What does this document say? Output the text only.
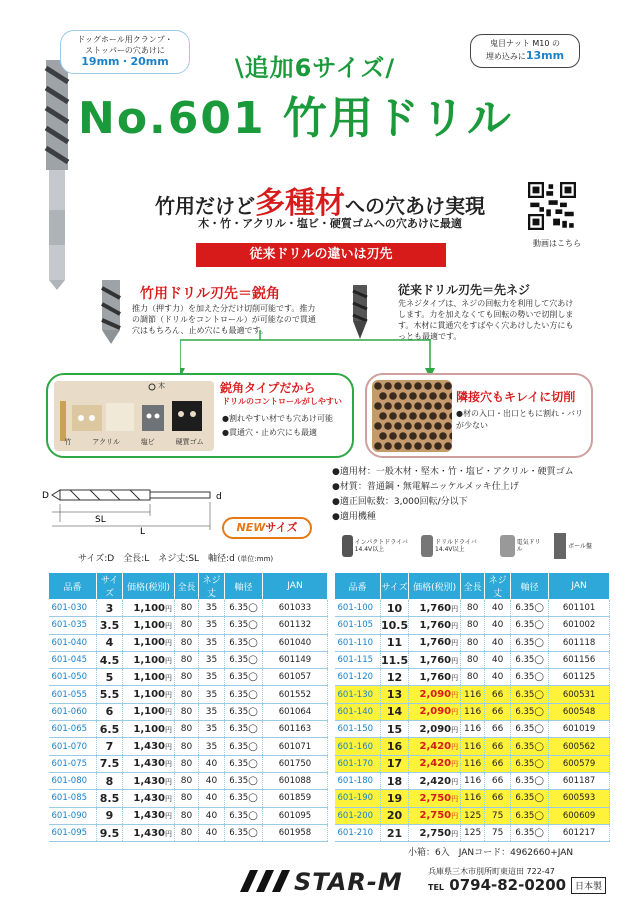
ドッグホール用クランプ・
ストッパーの穴あけに
19mm・20mm
鬼目ナット M10 の
埋め込みに13mm
\追加6サイズ/
No.601 竹用ドリル
竹用だけど多種材への穴あけ実現
木・竹・アクリル・塩ビ・硬質ゴムへの穴あけに最適
従来ドリルの違いは刃先
動画はこちら
竹用ドリル刃先＝鋭角
推力（押す力）を加えた分だけ切削可能です。推力の調節（ドリルをコントロール）が可能なので貫通穴はもちろん、止め穴にも最適です。
従来ドリル刃先＝先ネジ
先ネジタイプは、ネジの回転力を利用して穴あけします。力を加えなくても回転の勢いで切削します。木材に貫通穴をすばやく穴あけしたい方にもっとも最適です。
竹	アクリル	塩ビ	硬質ゴム
木	鋭角タイプだから
ドリルのコントロールがしやすい
●割れやすい材でも穴あけ可能
●貫通穴・止め穴にも最適
隣接穴もキレイに切削
●材の入口・出口ともに割れ・バリが少ない
●適用材：一般木材・堅木・竹・塩ビ・アクリル・硬質ゴム
●材質：普通鋼・無電解ニッケルメッキ仕上げ
●適正回転数：3,000回転/分以下
●適用機種
インパクトドライバ 14.4V以上
ドリルドライバ 14.4V以上
電気ドリル	ボール盤
D	d
SL
L	NEWサイズ
サイズ:D　全長:L　ネジ丈:SL　軸径:d (単位:mm)
品番	サイズ	価格(税別)	全長	ネジ丈	軸径	JAN
601-030	3	1,100円	80	35	6.35◯	601033
601-035	3.5	1,100円	80	35	6.35◯	601132
601-040	4	1,100円	80	35	6.35◯	601040
601-045	4.5	1,100円	80	35	6.35◯	601149
601-050	5	1,100円	80	35	6.35◯	601057
601-055	5.5	1,100円	80	35	6.35◯	601552
601-060	6	1,100円	80	35	6.35◯	601064
601-065	6.5	1,100円	80	35	6.35◯	601163
601-070	7	1,430円	80	35	6.35◯	601071
601-075	7.5	1,430円	80	40	6.35◯	601750
601-080	8	1,430円	80	40	6.35◯	601088
601-085	8.5	1,430円	80	40	6.35◯	601859
601-090	9	1,430円	80	40	6.35◯	601095
601-095	9.5	1,430円	80	40	6.35◯	601958
品番	サイズ	価格(税別)	全長	ネジ丈	軸径	JAN
601-100	10	1,760円	80	40	6.35◯	601101
601-105	10.5	1,760円	80	40	6.35◯	601002
601-110	11	1,760円	80	40	6.35◯	601118
601-115	11.5	1,760円	80	40	6.35◯	601156
601-120	12	1,760円	80	40	6.35◯	601125
601-130	13	2,090円	116	66	6.35◯	600531
601-140	14	2,090円	116	66	6.35◯	600548
601-150	15	2,090円	116	66	6.35◯	601019
601-160	16	2,420円	116	66	6.35◯	600562
601-170	17	2,420円	116	66	6.35◯	600579
601-180	18	2,420円	116	66	6.35◯	601187
601-190	19	2,750円	116	66	6.35◯	600593
601-200	20	2,750円	125	75	6.35◯	600609
601-210	21	2,750円	125	75	6.35◯	601217
小箱：6入　JANコード：4962660+JAN
STAR-M	兵庫県三木市別所町東這田 722-47
TEL 0794-82-0200 日本製
